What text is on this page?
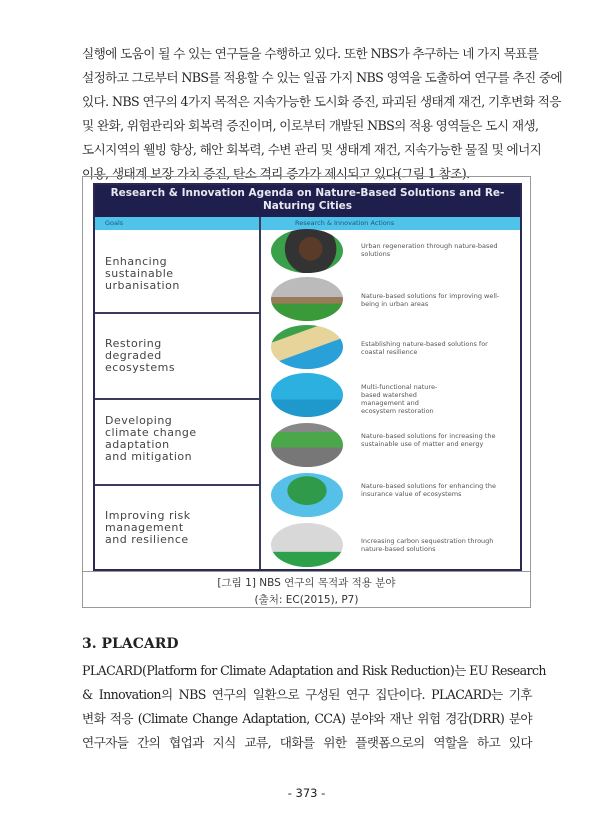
실행에 도움이 될 수 있는 연구들을 수행하고 있다. 또한 NBS가 추구하는 네 가지 목표를
설정하고 그로부터 NBS를 적용할 수 있는 일곱 가지 NBS 영역을 도출하여 연구를 추진 중에
있다. NBS 연구의 4가지 목적은 지속가능한 도시화 증진, 파괴된 생태계 재건, 기후변화 적응
및 완화, 위험관리와 회복력 증진이며, 이로부터 개발된 NBS의 적용 영역들은 도시 재생,
도시지역의 웰빙 향상, 해안 회복력, 수변 관리 및 생태계 재건, 지속가능한 물질 및 에너지
이용, 생태계 보장 가치 증진, 탄소 격리 증가가 제시되고 있다(그림 1 참조).
Research & Innovation Agenda on Nature-Based Solutions and Re-Naturing Cities
Goals	Research & Innovation Actions
Enhancing
sustainable
urbanisation
Restoring
degraded
ecosystems
Developing
climate change
adaptation
and mitigation
Improving risk
management
and resilience
Urban regeneration through nature-based solutions
Nature-based solutions for improving well-being in urban areas
Establishing nature-based solutions for coastal resilience
Multi-functional nature-based watershed management and ecosystem restoration
Nature-based solutions for increasing the sustainable use of matter and energy
Nature-based solutions for enhancing the insurance value of ecosystems
Increasing carbon sequestration through nature-based solutions
[그림 1] NBS 연구의 목적과 적용 분야
(출처: EC(2015), P7)
3. PLACARD
PLACARD(Platform for Climate Adaptation and Risk Reduction)는 EU Research
& Innovation의 NBS 연구의 일환으로 구성된 연구 집단이다. PLACARD는 기후
변화 적응 (Climate Change Adaptation, CCA) 분야와 재난 위험 경감(DRR) 분야
연구자들 간의 협업과 지식 교류, 대화를 위한 플랫폼으로의 역할을 하고 있다
- 373 -
